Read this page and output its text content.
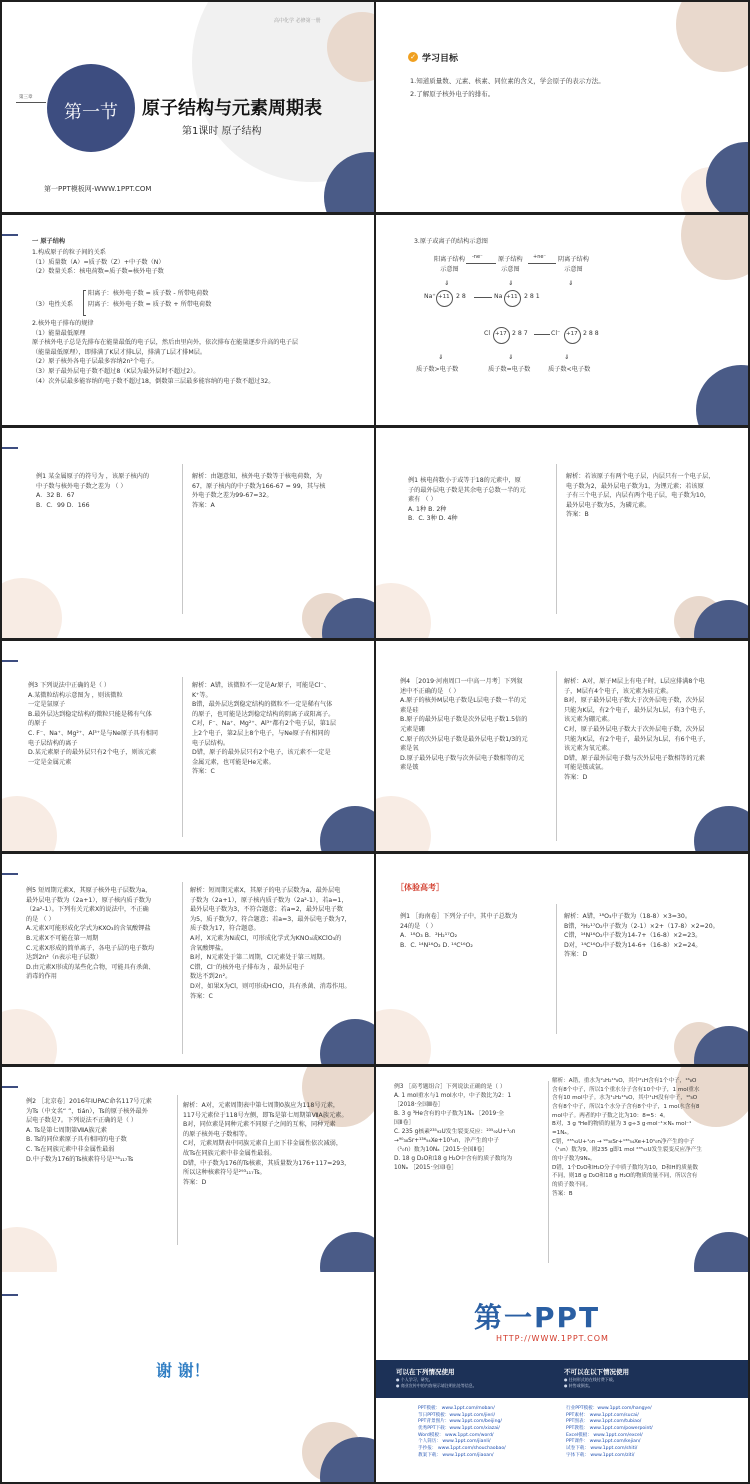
高中化学 必修第一册
第三章
第一节	原子结构与元素周期表
第1课时 原子结构
第一PPT模板网-WWW.1PPT.COM
✓ 学习目标
1.知道质量数、元素、核素、同位素的含义，学会原子的表示方法。
2.了解原子核外电子的排布。
一 原子结构
1.构成原子的粒子间的关系
（1）质量数（A）=质子数（Z）+中子数（N）
（2）数量关系：核电荷数=质子数=核外电子数
（3）电性关系
阳离子：核外电子数 = 质子数 - 所带电荷数
阴离子：核外电子数 = 质子数 + 所带电荷数
2.核外电子排布的规律
（1）能量最低原理
原子核外电子总是先排布在能量最低的电子层，然后由里向外，依次排布在能量逐步升高的电子层
（能量最低原理），即排满了K层才排L层，排满了L层才排M层。
（2）原子核外各电子层最多容纳2n²个电子。
（3）原子最外层电子数不超过8（K层为最外层时不超过2）。
（4）次外层最多能容纳的电子数不超过18，倒数第三层最多能容纳的电子数不超过32。
3.原子或离子的结构示意图
阳离子结构
示意图
原子结构
示意图
阴离子结构
示意图
-ne⁻	+ne⁻
⇓	⇓	⇓
Na⁺ +11 2 8	Na +11 2 8 1
Cl +17 2 8 7	Cl⁻ +17 2 8 8
⇓	⇓	⇓
质子数>电子数	质子数=电子数	质子数<电子数
例1 某金属原子的符号为 ，该原子核内的
中子数与核外电子数之差为 （ ）
A．32 B．67
B．C．99 D．166
解析：由题意知，核外电子数等于核电荷数，为
67，原子核内的中子数为166-67 = 99，其与核
外电子数之差为99-67=32。
答案：A
例1 核电荷数小于或等于18的元素中，原
子的最外层电子数是其余电子总数一半的元
素有 （ ）
A. 1种 B. 2种
B．C. 3种 D. 4种
解析：若该原子有两个电子层，内层只有一个电子层，
电子数为2，最外层电子数为1，为锂元素；若该原
子有三个电子层，内层有两个电子层，电子数为10，
最外层电子数为5，为磷元素。
答案：B
例3 下列说法中正确的是（ ）
A.某微粒结构示意图为 ，则该微粒
一定是氩原子
B.最外层达到稳定结构的微粒只能是稀有气体
的原子
C. F⁻、Na⁺、Mg²⁺、Al³⁺是与Ne原子具有相同
电子层结构的离子
D.某元素原子的最外层只有2个电子，则该元素
一定是金属元素
解析：A错，该微粒不一定是Ar原子，可能是Cl⁻、
K⁺等。
B错，最外层达到稳定结构的微粒不一定是稀有气体
的原子，也可能是达到稳定结构的阴离子或阳离子。
C对，F⁻、Na⁺、Mg²⁺、Al³⁺都有2个电子层，第1层
上2个电子，第2层上8个电子，与Ne原子有相同的
电子层结构。
D错，原子的最外层只有2个电子，该元素不一定是
金属元素，也可能是He元素。
答案：C
例4 ［2019·河南周口一中高一月考］下列叙
述中不正确的是 （ ）
A.原子的核外M层电子数是L层电子数一半的元
素是硅
B.原子的最外层电子数是次外层电子数1.5倍的
元素是硼
C.原子的次外层电子数是最外层电子数1/3的元
素是氧
D.原子最外层电子数与次外层电子数相等的元
素是铍
解析：A对，原子M层上有电子时，L层应排满8个电
子，M层有4个电子，该元素为硅元素。
B对，原子最外层电子数大于次外层电子数，次外层
只能为K层，有2个电子，最外层为L层，有3个电子，
该元素为硼元素。
C对，原子最外层电子数大于次外层电子数，次外层
只能为K层，有2个电子，最外层为L层，有6个电子，
该元素为氧元素。
D错，原子最外层电子数与次外层电子数相等的元素
可能是铍或氩。
答案：D
例5 短周期元素X，其原子核外电子层数为a，
最外层电子数为（2a+1），原子核内质子数为
（2a²-1）。下列有关元素X的说法中，不正确
的是 （ ）
A.元素X可能形成化学式为KXO₃的含氧酸钾盐
B.元素X不可能在第一周期
C.元素X形成的简单离子，各电子层的电子数均
达到2n²（n表示电子层数）
D.由元素X形成的某些化合物，可能具有杀菌、
消毒的作用
解析：短周期元素X，其原子的电子层数为a，最外层电
子数为（2a+1），原子核内质子数为（2a²-1），若a=1，
最外层电子数为3，不符合题意；若a=2，最外层电子数
为5，质子数为7，符合题意；若a=3，最外层电子数为7，
质子数为17，符合题意。
A对，X元素为N或Cl，可形成化学式为KNO₃或KClO₃的
含氧酸钾盐。
B对，N元素处于第二周期，Cl元素处于第三周期。
C错，Cl⁻的核外电子排布为 ，最外层电子
数达不到2n²。
D对，如果X为Cl，则可形成HClO，具有杀菌、消毒作用。
答案：C
［体验高考］
例1 ［海南卷］下列分子中，其中子总数为
24的是 （ ）
A．¹⁸O₃ B．²H₂¹⁷O₂
B．C. ¹⁴N¹⁶O₂ D. ¹⁴C¹⁶O₂
解析：A错，¹⁸O₃中子数为（18-8）×3=30。
B错，²H₂¹⁷O₂中子数为（2-1）×2+（17-8）×2=20。
C错，¹⁴N¹⁶O₂中子数为14-7+（16-8）×2=23。
D对，¹⁴C¹⁶O₂中子数为14-6+（16-8）×2=24。
答案：D
例2 ［北京卷］2016年IUPAC命名117号元素
为Ts（中文名“ ”，tián），Ts的原子核外最外
层电子数是7。下列说法不正确的是（ ）
A. Ts是第七周期第ⅦA族元素
B. Ts的同位素原子具有相同的电子数
C. Ts在同族元素中非金属性最弱
D.中子数为176的Ts核素符号是¹⁷⁶₁₁₇Ts
解析：A对，元素周期表中第七周期0族应为118号元素，
117号元素位于118号左侧，即Ts是第七周期第ⅦA族元素。
B对，同位素是同种元素不同原子之间的互称，同种元素
的原子核外电子数相等。
C对，元素周期表中同族元素自上而下非金属性依次减弱，
故Ts在同族元素中非金属性最弱。
D错，中子数为176的Ts核素，其质量数为176+117=293，
所以这种核素符号是²⁹³₁₁₇Ts。
答案：D
例3 ［高考题组合］下列说法正确的是（ ）
A. 1 mol重水与1 mol水中，中子数比为2：1
［2018·全国Ⅲ卷］
B. 3 g ³He含有的中子数为1Nₐ ［2019·全
国Ⅱ卷］
C. 235 g核素²³⁵₉₂U发生裂变反应：²³⁵₉₂U+¹₀n
→⁹⁰₃₈Sr+¹³⁶₅₄Xe+10¹₀n，净产生的中子
（¹₀n）数为10Nₐ［2015·全国Ⅱ卷］
D. 18 g D₂O和18 g H₂O中含有的质子数均为
10Nₐ ［2015·全国Ⅰ卷］
解析：A错，重水为²₁H₂¹⁶₈O，其中²₁H含有1个中子，¹⁶₈O
含有8个中子，所以1个重水分子含有10个中子，1 mol重水
含有10 mol中子。水为¹₁H₂¹⁶₈O，其中¹₁H没有中子，¹⁶₈O
含有8个中子，所以1个水分子含有8个中子，1 mol水含有8
mol中子。两者的中子数之比为10：8=5：4。
B对，3 g ³He的物质的量为 3 g÷3 g·mol⁻¹×Nₐ mol⁻¹
=1Nₐ。
C错，²³⁵₉₂U+¹₀n → ⁹⁰₃₈Sr+¹³⁶₅₄Xe+10¹₀n净产生的中子
（¹₀n）数为9，则235 g即1 mol ²³⁵₉₂U发生裂变反应净产生
的中子数为9Nₐ。
D错，1个D₂O和H₂O分子中质子数均为10，D和H的质量数
不同，则18 g D₂O和18 g H₂O的物质的量不同，所以含有
的质子数不同。
答案：B
谢 谢！
第一PPT
HTTP://WWW.1PPT.COM
可以在下列情况使用
● 个人学习、研究。
● 商业宣传中的内容展示请注明出处等信息。
不可以在以下情况使用
● 任何形式的在线付费下载。
● 转售或倒卖。
PPT模板： www.1ppt.com/moban/
节日PPT模板：www.1ppt.com/jieri/
PPT背景图片：www.1ppt.com/beijing/
优秀PPT下载：www.1ppt.com/xiazai/
Word模板： www.1ppt.com/word/
个人简历： www.1ppt.com/jianli/
手抄报： www.1ppt.com/shouchaobao/
教案下载： www.1ppt.com/jiaoan/
行业PPT模板：www.1ppt.com/hangye/
PPT素材： www.1ppt.com/sucai/
PPT图表： www.1ppt.com/tubiao/
PPT教程： www.1ppt.com/powerpoint/
Excel模板： www.1ppt.com/excel/
PPT课件： www.1ppt.com/kejian/
试卷下载： www.1ppt.com/shiti/
字体下载： www.1ppt.com/ziti/
